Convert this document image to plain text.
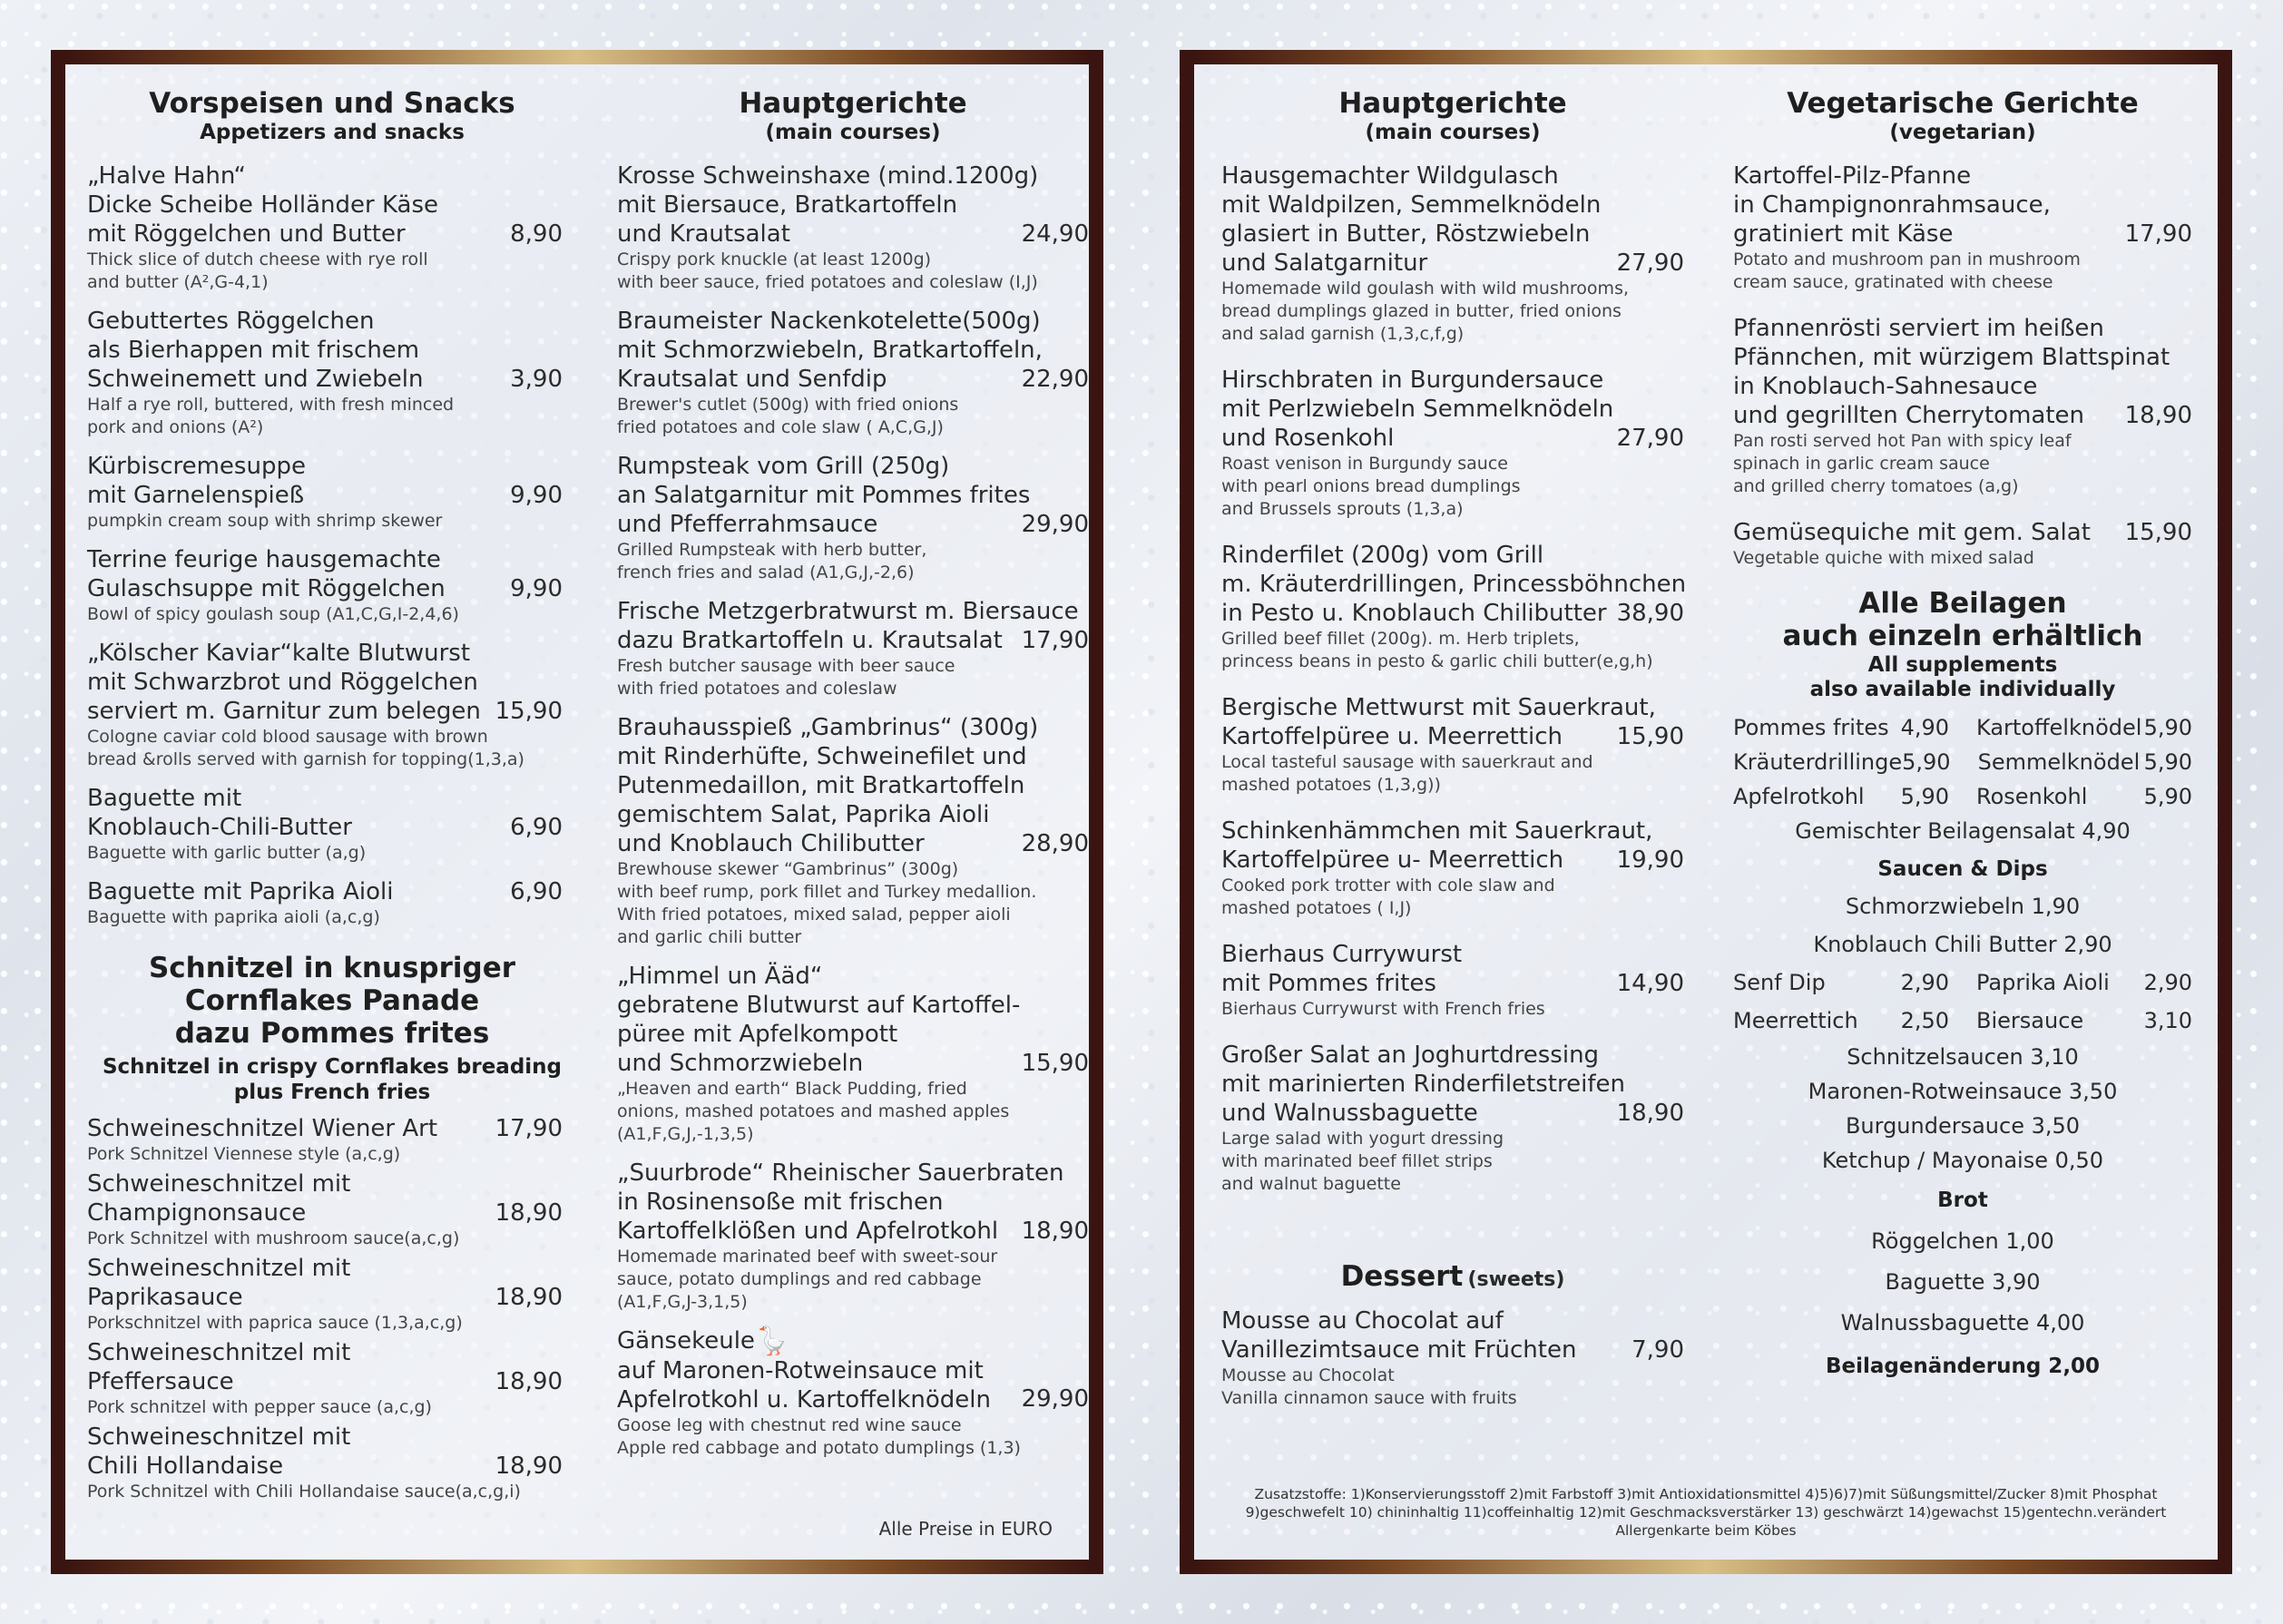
Vorspeisen und Snacks
Appetizers and snacks
„Halve Hahn“
Dicke Scheibe Holländer Käse
mit Röggelchen und Butter	8,90
Thick slice of dutch cheese with rye roll
and butter (A²,G-4,1)
Gebuttertes Röggelchen
als Bierhappen mit frischem
Schweinemett und Zwiebeln	3,90
Half a rye roll, buttered, with fresh minced
pork and onions (A²)
Kürbiscremesuppe
mit Garnelenspieß	9,90
pumpkin cream soup with shrimp skewer
Terrine feurige hausgemachte
Gulaschsuppe mit Röggelchen	9,90
Bowl of spicy goulash soup (A1,C,G,I-2,4,6)
„Kölscher Kaviar“kalte Blutwurst
mit Schwarzbrot und Röggelchen
serviert m. Garnitur zum belegen 15,90
Cologne caviar cold blood sausage with brown
bread &rolls served with garnish for topping(1,3,a)
Baguette mit
Knoblauch-Chili-Butter	6,90
Baguette with garlic butter (a,g)
Baguette mit Paprika Aioli	6,90
Baguette with paprika aioli (a,c,g)
Schnitzel in knuspriger
Cornflakes Panade
dazu Pommes frites
Schnitzel in crispy Cornflakes breading
plus French fries
Schweineschnitzel Wiener Art	17,90
Pork Schnitzel Viennese style (a,c,g)
Schweineschnitzel mit
Champignonsauce	18,90
Pork Schnitzel with mushroom sauce(a,c,g)
Schweineschnitzel mit
Paprikasauce	18,90
Porkschnitzel with paprica sauce (1,3,a,c,g)
Schweineschnitzel mit
Pfeffersauce	18,90
Pork schnitzel with pepper sauce (a,c,g)
Schweineschnitzel mit
Chili Hollandaise	18,90
Pork Schnitzel with Chili Hollandaise sauce(a,c,g,i)
Hauptgerichte
(main courses)
Krosse Schweinshaxe (mind.1200g)
mit Biersauce, Bratkartoffeln
und Krautsalat	24,90
Crispy pork knuckle (at least 1200g)
with beer sauce, fried potatoes and coleslaw (I,J)
Braumeister Nackenkotelette(500g)
mit Schmorzwiebeln, Bratkartoffeln,
Krautsalat und Senfdip	22,90
Brewer's cutlet (500g) with fried onions
fried potatoes and cole slaw ( A,C,G,J)
Rumpsteak vom Grill (250g)
an Salatgarnitur mit Pommes frites
und Pfefferrahmsauce	29,90
Grilled Rumpsteak with herb butter,
french fries and salad (A1,G,J,-2,6)
Frische Metzgerbratwurst m. Biersauce
dazu Bratkartoffeln u. Krautsalat 17,90
Fresh butcher sausage with beer sauce
with fried potatoes and coleslaw
Brauhausspieß „Gambrinus“ (300g)
mit Rinderhüfte, Schweinefilet und
Putenmedaillon, mit Bratkartoffeln
gemischtem Salat, Paprika Aioli
und Knoblauch Chilibutter	28,90
Brewhouse skewer “Gambrinus” (300g)
with beef rump, pork fillet and Turkey medallion.
With fried potatoes, mixed salad, pepper aioli
and garlic chili butter
„Himmel un Ääd“
gebratene Blutwurst auf Kartoffel-
püree mit Apfelkompott
und Schmorzwiebeln	15,90
„Heaven and earth“ Black Pudding, fried
onions, mashed potatoes and mashed apples
(A1,F,G,J,-1,3,5)
„Suurbrode“ Rheinischer Sauerbraten
in Rosinensoße mit frischen
Kartoffelklößen und Apfelrotkohl 18,90
Homemade marinated beef with sweet-sour
sauce, potato dumplings and red cabbage
(A1,F,G,J-3,1,5)
Gänsekeule🪿
auf Maronen-Rotweinsauce mit
Apfelrotkohl u. Kartoffelknödeln	29,90
Goose leg with chestnut red wine sauce
Apple red cabbage and potato dumplings (1,3)
Alle Preise in EURO
Hauptgerichte
(main courses)
Hausgemachter Wildgulasch
mit Waldpilzen, Semmelknödeln
glasiert in Butter, Röstzwiebeln
und Salatgarnitur	27,90
Homemade wild goulash with wild mushrooms,
bread dumplings glazed in butter, fried onions
and salad garnish (1,3,c,f,g)
Hirschbraten in Burgundersauce
mit Perlzwiebeln Semmelknödeln
und Rosenkohl	27,90
Roast venison in Burgundy sauce
with pearl onions bread dumplings
and Brussels sprouts (1,3,a)
Rinderfilet (200g) vom Grill
m. Kräuterdrillingen, Princessböhnchen
in Pesto u. Knoblauch Chilibutter 38,90
Grilled beef fillet (200g). m. Herb triplets,
princess beans in pesto & garlic chili butter(e,g,h)
Bergische Mettwurst mit Sauerkraut,
Kartoffelpüree u. Meerrettich	15,90
Local tasteful sausage with sauerkraut and
mashed potatoes (1,3,g))
Schinkenhämmchen mit Sauerkraut,
Kartoffelpüree u- Meerrettich	19,90
Cooked pork trotter with cole slaw and
mashed potatoes ( I,J)
Bierhaus Currywurst
mit Pommes frites	14,90
Bierhaus Currywurst with French fries
Großer Salat an Joghurtdressing
mit marinierten Rinderfiletstreifen
und Walnussbaguette	18,90
Large salad with yogurt dressing
with marinated beef fillet strips
and walnut baguette
Dessert (sweets)
Mousse au Chocolat auf
Vanillezimtsauce mit Früchten	7,90
Mousse au Chocolat
Vanilla cinnamon sauce with fruits
Vegetarische Gerichte
(vegetarian)
Kartoffel-Pilz-Pfanne
in Champignonrahmsauce,
gratiniert mit Käse	17,90
Potato and mushroom pan in mushroom
cream sauce, gratinated with cheese
Pfannenrösti serviert im heißen
Pfännchen, mit würzigem Blattspinat
in Knoblauch-Sahnesauce
und gegrillten Cherrytomaten	18,90
Pan rosti served hot Pan with spicy leaf
spinach in garlic cream sauce
and grilled cherry tomatoes (a,g)
Gemüsequiche mit gem. Salat	15,90
Vegetable quiche with mixed salad
Alle Beilagen
auch einzeln erhältlich
All supplements
also available individually
Pommes frites 4,90 Kartoffelknödel 5,90
Kräuterdrillinge 5,90 Semmelknödel 5,90
Apfelrotkohl 5,90 Rosenkohl	5,90
Gemischter Beilagensalat 4,90
Saucen & Dips
Schmorzwiebeln 1,90
Knoblauch Chili Butter 2,90
Senf Dip	2,90 Paprika Aioli 2,90
Meerrettich 2,50 Biersauce	3,10
Schnitzelsaucen 3,10
Maronen-Rotweinsauce 3,50
Burgundersauce 3,50
Ketchup / Mayonaise 0,50
Brot
Röggelchen 1,00
Baguette 3,90
Walnussbaguette 4,00
Beilagenänderung 2,00
Zusatzstoffe: 1)Konservierungsstoff 2)mit Farbstoff 3)mit Antioxidationsmittel 4)5)6)7)mit Süßungsmittel/Zucker 8)mit Phosphat
9)geschwefelt 10) chininhaltig 11)coffeinhaltig 12)mit Geschmacksverstärker 13) geschwärzt 14)gewachst 15)gentechn.verändert
Allergenkarte beim Köbes
